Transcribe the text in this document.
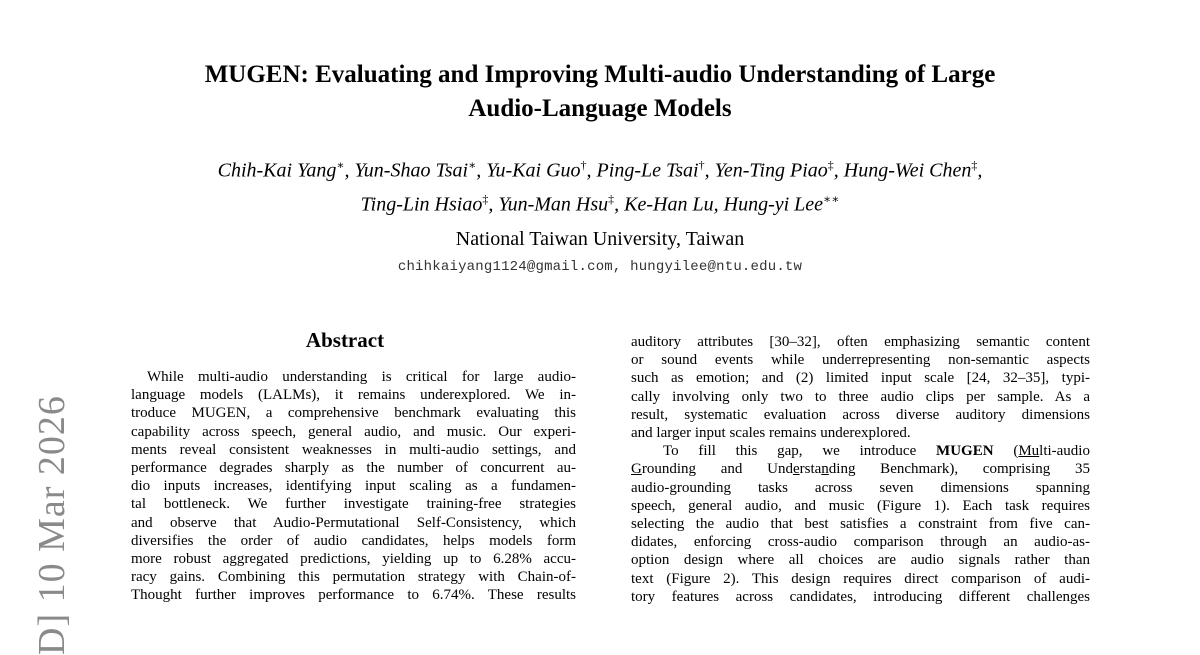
MUGEN: Evaluating and Improving Multi-audio Understanding of Large
Audio-Language Models
Chih-Kai Yang∗, Yun-Shao Tsai∗, Yu-Kai Guo†, Ping-Le Tsai†, Yen-Ting Piao‡, Hung-Wei Chen‡,
Ting-Lin Hsiao‡, Yun-Man Hsu‡, Ke-Han Lu, Hung-yi Lee∗∗
National Taiwan University, Taiwan
chihkaiyang1124@gmail.com, hungyilee@ntu.edu.tw
D] 10 Mar 2026
Abstract
While multi-audio understanding is critical for large audio-
language models (LALMs), it remains underexplored. We in-
troduce MUGEN, a comprehensive benchmark evaluating this
capability across speech, general audio, and music. Our experi-
ments reveal consistent weaknesses in multi-audio settings, and
performance degrades sharply as the number of concurrent au-
dio inputs increases, identifying input scaling as a fundamen-
tal bottleneck. We further investigate training-free strategies
and observe that Audio-Permutational Self-Consistency, which
diversifies the order of audio candidates, helps models form
more robust aggregated predictions, yielding up to 6.28% accu-
racy gains. Combining this permutation strategy with Chain-of-
Thought further improves performance to 6.74%. These results
auditory attributes [30–32], often emphasizing semantic content
or sound events while underrepresenting non-semantic aspects
such as emotion; and (2) limited input scale [24, 32–35], typi-
cally involving only two to three audio clips per sample. As a
result, systematic evaluation across diverse auditory dimensions
and larger input scales remains underexplored.
To fill this gap, we introduce MUGEN (Multi-audio
Grounding and Understanding Benchmark), comprising 35
audio-grounding tasks across seven dimensions spanning
speech, general audio, and music (Figure 1). Each task requires
selecting the audio that best satisfies a constraint from five can-
didates, enforcing cross-audio comparison through an audio-as-
option design where all choices are audio signals rather than
text (Figure 2). This design requires direct comparison of audi-
tory features across candidates, introducing different challenges
